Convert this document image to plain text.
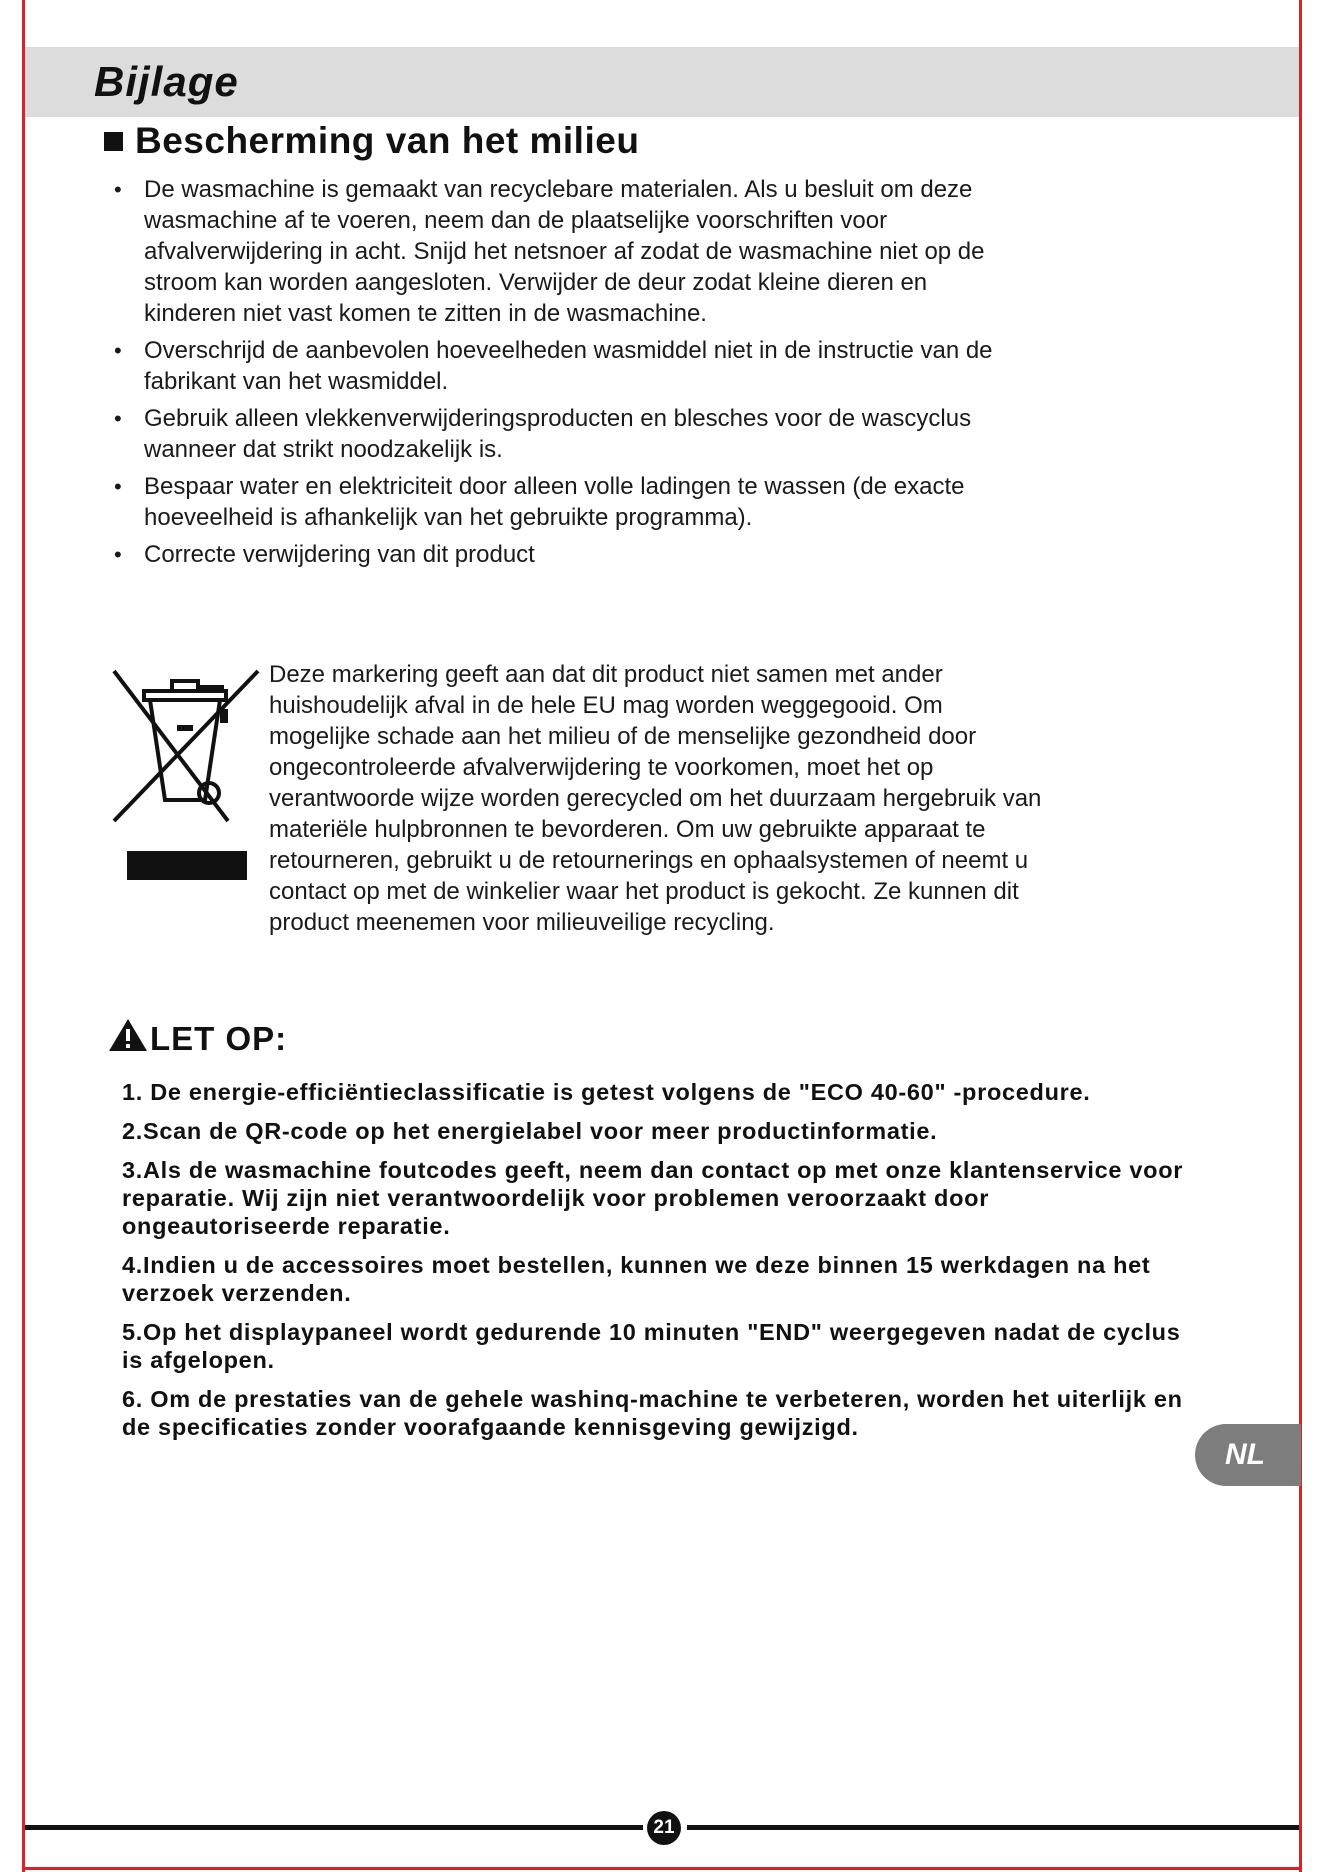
Bijlage
Bescherming van het milieu
• De wasmachine is gemaakt van recyclebare materialen. Als u besluit om deze wasmachine af te voeren, neem dan de plaatselijke voorschriften voor afvalverwijdering in acht. Snijd het netsnoer af zodat de wasmachine niet op de stroom kan worden aangesloten. Verwijder de deur zodat kleine dieren en kinderen niet vast komen te zitten in de wasmachine.
• Overschrijd de aanbevolen hoeveelheden wasmiddel niet in de instructie van de fabrikant van het wasmiddel.
• Gebruik alleen vlekkenverwijderingsproducten en blesches voor de wascyclus wanneer dat strikt noodzakelijk is.
• Bespaar water en elektriciteit door alleen volle ladingen te wassen (de exacte hoeveelheid is afhankelijk van het gebruikte programma).
• Correcte verwijdering van dit product
Deze markering geeft aan dat dit product niet samen met ander huishoudelijk afval in de hele EU mag worden weggegooid. Om mogelijke schade aan het milieu of de menselijke gezondheid door ongecontroleerde afvalverwijdering te voorkomen, moet het op verantwoorde wijze worden gerecycled om het duurzaam hergebruik van materiële hulpbronnen te bevorderen. Om uw gebruikte apparaat te retourneren, gebruikt u de retournerings en ophaalsystemen of neemt u contact op met de winkelier waar het product is gekocht. Ze kunnen dit product meenemen voor milieuveilige recycling.
LET OP:

1. De energie-efficiëntieclassificatie is getest volgens de "ECO 40-60" -procedure.

2.Scan de QR-code op het energielabel voor meer productinformatie.

3.Als de wasmachine foutcodes geeft, neem dan contact op met onze klantenservice voor reparatie. Wij zijn niet verantwoordelijk voor problemen veroorzaakt door ongeautoriseerde reparatie.

4.Indien u de accessoires moet bestellen, kunnen we deze binnen 15 werkdagen na het verzoek verzenden.

5.Op het displaypaneel wordt gedurende 10 minuten "END" weergegeven nadat de cyclus is afgelopen.

6. Om de prestaties van de gehele washinq-machine te verbeteren, worden het uiterlijk en de specificaties zonder voorafgaande kennisgeving gewijzigd.

NL
21
